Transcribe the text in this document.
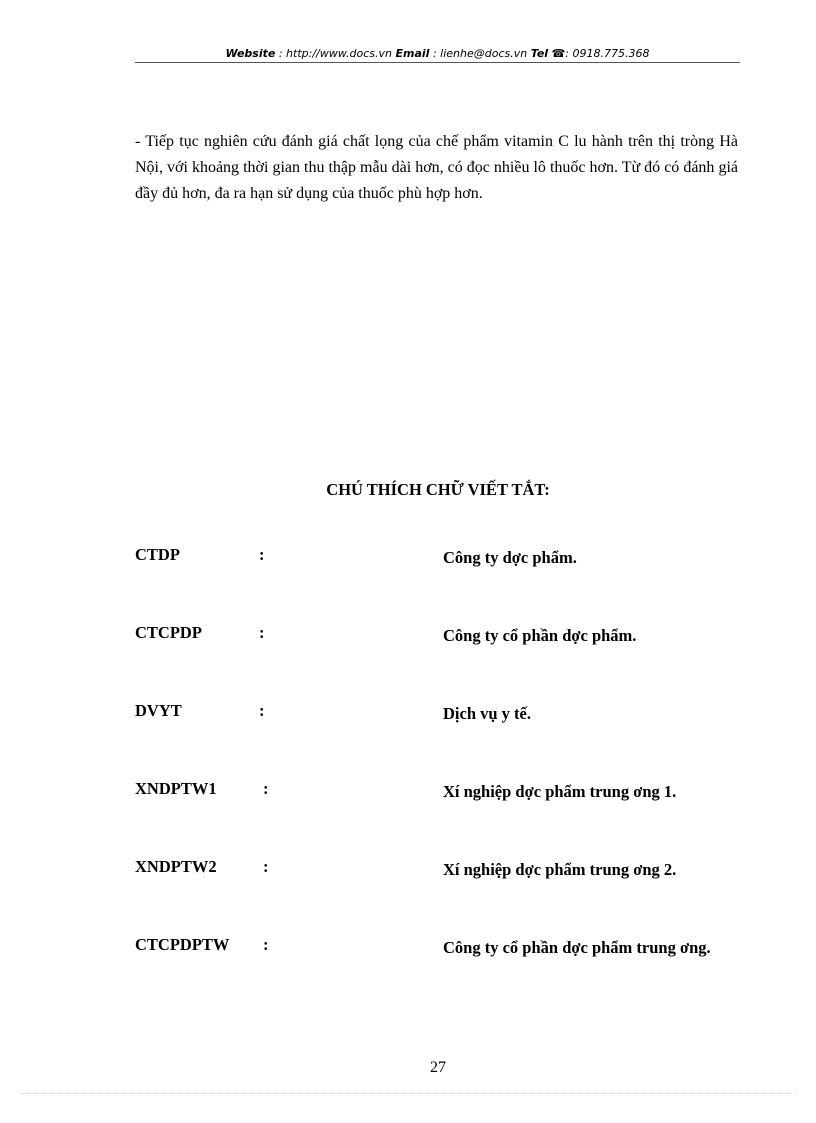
Website : http://www.docs.vn Email : lienhe@docs.vn Tel ☎: 0918.775.368

- Tiếp tục nghiên cứu đánh giá chất lọng của chế phẩm vitamin C lu hành trên thị tròng Hà Nội, với khoảng thời gian thu thập mẫu dài hơn, có đọc nhiều lô thuốc hơn. Từ đó có đánh giá đầy đủ hơn, đa ra hạn sử dụng của thuốc phù hợp hơn.

CHÚ THÍCH CHỮ VIẾT TẮT:
CTDP	:	Công ty dợc phẩm.
CTCPDP	:	Công ty cổ phần dợc phẩm.
DVYT	:	Dịch vụ y tế.
XNDPTW1	:	Xí nghiệp dợc phẩm trung ơng 1.
XNDPTW2	:	Xí nghiệp dợc phẩm trung ơng 2.
CTCPDPTW :	Công ty cổ phần dợc phẩm trung ơng.
27
